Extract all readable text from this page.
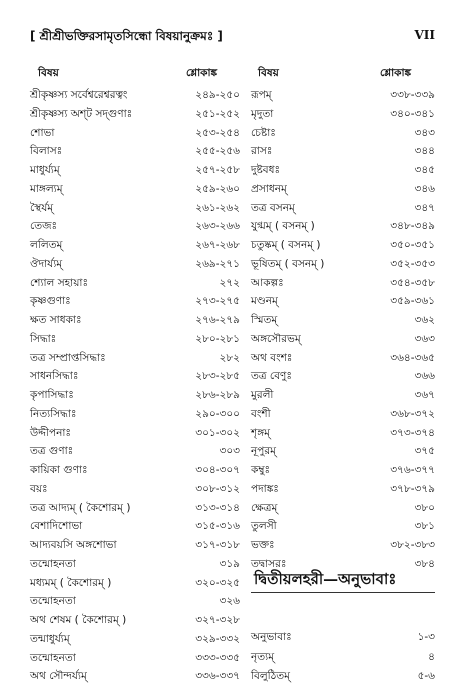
[ শ্রীশ্রীভক্তিরসামৃতসিন্ধো বিষয়ানুক্রমঃ ]	VII
বিষয়	শ্লোকাঙ্ক	বিষয়	শ্লোকাঙ্ক
শ্রীকৃষ্ণস্য সর্বেশ্বরেশ্বরত্বং	২৪৯-২৫০
শ্রীকৃষ্ণস্য অশ্ট সদ্গুণাঃ	২৫১-২৫২
শোভা	২৫৩-২৫৪
বিলাসঃ	২৫৫-২৫৬
মাধুর্য্যম্	২৫৭-২৫৮
মাঙ্গল্যম্	২৫৯-২৬০
স্থৈর্যম্	২৬১-২৬২
তেজঃ	২৬৩-২৬৬
ললিতম্	২৬৭-২৬৮
ঔদার্য্যম্	২৬৯-২৭১
শ্যোল সহায়াঃ	২৭২
কৃষ্ণগুণাঃ	২৭৩-২৭৫
ক্ষত সাধকাঃ	২৭৬-২৭৯
সিদ্ধাঃ	২৮০-২৮১
তত্র সম্প্রাপ্তসিদ্ধাঃ	২৮২
সাধনসিদ্ধাঃ	২৮৩-২৮৫
কৃপাসিদ্ধাঃ	২৮৬-২৮৯
নিত্যসিদ্ধাঃ	২৯০-৩০০
উদ্দীপনাঃ	৩০১-৩০২
তত্র গুণাঃ	৩০৩
কায়িকা গুণাঃ	৩০৪-৩০৭
বয়ঃ	৩০৮-৩১২
তত্র আদ্যম্ ( কৈশোরম্ )	৩১৩-৩১৪
বেশাদিশোভা	৩১৫-৩১৬
আদ্যবয়সি অঙ্গশোভা	৩১৭-৩১৮
তন্মোহনতা	৩১৯
মধ্যমম্ ( কৈশোরম্ )	৩২০-৩২৫
তন্মোহনতা	৩২৬
অথ শেষম ( কৈশোরম্ )	৩২৭-৩২৮
তন্মাধুর্য্যম্	৩২৯-৩৩২
তন্মোহনতা	৩৩৩-৩৩৫
অথ সৌন্দর্য্যম্	৩৩৬-৩৩৭
রূপম্	৩৩৮-৩৩৯
মৃদুতা	৩৪০-৩৪১
চেষ্টাঃ	৩৪৩
রাসঃ	৩৪৪
দুষ্টবধঃ	৩৪৫
প্রসাধনম্	৩৪৬
তত্র বসনম্	৩৪৭
যুগ্মম্ ( বসনম্ )	৩৪৮-৩৪৯
চতুষ্কম্ ( বসনম্ )	৩৫০-৩৫১
ভূষিতম্ ( বসনম্ )	৩৫২-৩৫৩
আকল্পঃ	৩৫৪-৩৫৮
মণ্ডনম্	৩৫৯-৩৬১
স্মিতম্	৩৬২
অঙ্গসৌরভম্	৩৬৩
অথ বংশঃ	৩৬৪-৩৬৫
তত্র বেণুঃ	৩৬৬
মুরলী	৩৬৭
বংশী	৩৬৮-৩৭২
শৃঙ্গম্	৩৭৩-৩৭৪
নূপুরম্	৩৭৫
কম্বুঃ	৩৭৬-৩৭৭
পদাঙ্কঃ	৩৭৮-৩৭৯
ক্ষেত্রম্	৩৮০
তুলসী	৩৮১
ভক্তঃ	৩৮২-৩৮৩
তদ্বাসরঃ	৩৮৪
দ্বিতীয়লহরী—অনুভাবাঃ
অনুভাবাঃ	১-৩
নৃত্যম্	৪
বিলুঠিতম্	৫-৬
